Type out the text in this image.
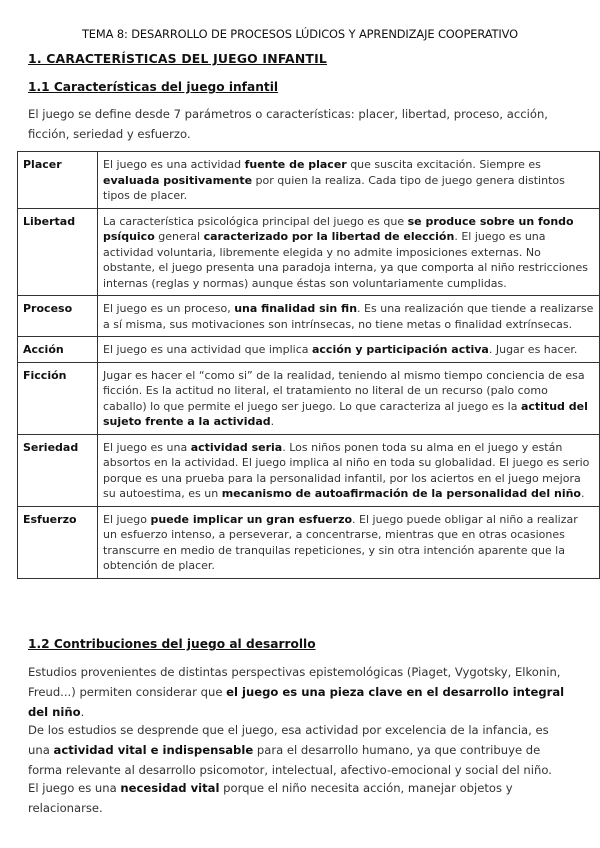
TEMA 8: DESARROLLO DE PROCESOS LÚDICOS Y APRENDIZAJE COOPERATIVO
1. CARACTERÍSTICAS DEL JUEGO INFANTIL
1.1 Características del juego infantil
El juego se define desde 7 parámetros o características: placer, libertad, proceso, acción, ficción, seriedad y esfuerzo.
Placer	El juego es una actividad fuente de placer que suscita excitación. Siempre es evaluada positivamente por quien la realiza. Cada tipo de juego genera distintos tipos de placer.
Libertad	La característica psicológica principal del juego es que se produce sobre un fondo psíquico general caracterizado por la libertad de elección. El juego es una actividad voluntaria, libremente elegida y no admite imposiciones externas. No obstante, el juego presenta una paradoja interna, ya que comporta al niño restricciones internas (reglas y normas) aunque éstas son voluntariamente cumplidas.
Proceso	El juego es un proceso, una finalidad sin fin. Es una realización que tiende a realizarse a sí misma, sus motivaciones son intrínsecas, no tiene metas o finalidad extrínsecas.
Acción	El juego es una actividad que implica acción y participación activa. Jugar es hacer.
Ficción	Jugar es hacer el “como si” de la realidad, teniendo al mismo tiempo conciencia de esa ficción. Es la actitud no literal, el tratamiento no literal de un recurso (palo como caballo) lo que permite el juego ser juego. Lo que caracteriza al juego es la actitud del sujeto frente a la actividad.
Seriedad	El juego es una actividad seria. Los niños ponen toda su alma en el juego y están absortos en la actividad. El juego implica al niño en toda su globalidad. El juego es serio porque es una prueba para la personalidad infantil, por los aciertos en el juego mejora su autoestima, es un mecanismo de autoafirmación de la personalidad del niño.
Esfuerzo	El juego puede implicar un gran esfuerzo. El juego puede obligar al niño a realizar un esfuerzo intenso, a perseverar, a concentrarse, mientras que en otras ocasiones transcurre en medio de tranquilas repeticiones, y sin otra intención aparente que la obtención de placer.
1.2 Contribuciones del juego al desarrollo
Estudios provenientes de distintas perspectivas epistemológicas (Piaget, Vygotsky, Elkonin, Freud...) permiten considerar que el juego es una pieza clave en el desarrollo integral del niño.
De los estudios se desprende que el juego, esa actividad por excelencia de la infancia, es una actividad vital e indispensable para el desarrollo humano, ya que contribuye de forma relevante al desarrollo psicomotor, intelectual, afectivo-emocional y social del niño.
El juego es una necesidad vital porque el niño necesita acción, manejar objetos y relacionarse.
